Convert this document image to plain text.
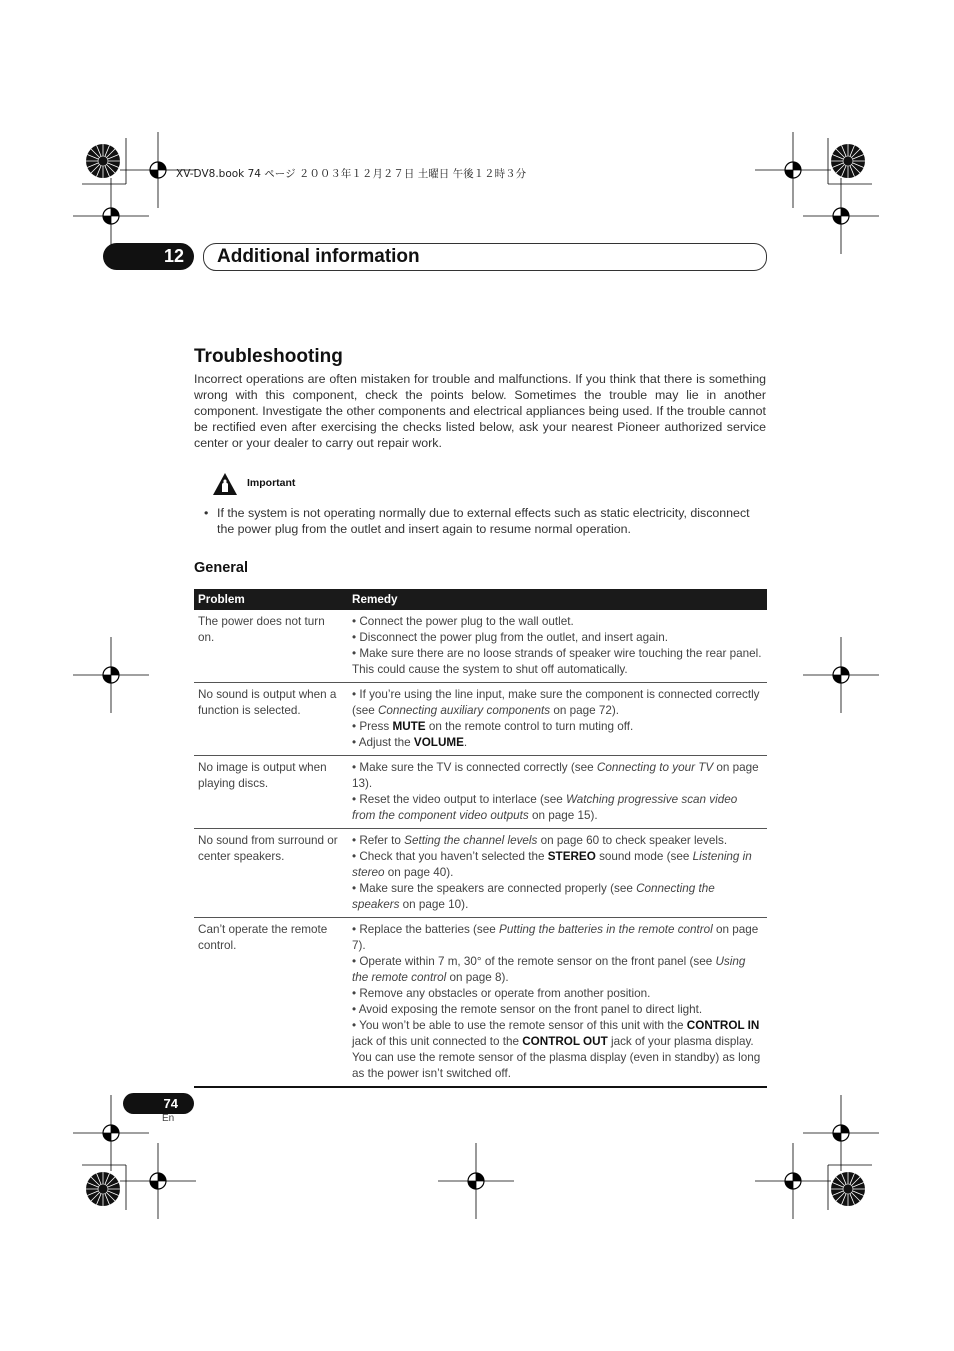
XV-DV8.book 74 ページ ２００３年１２月２７日 土曜日 午後１２時３分
12	Additional information
Troubleshooting
Incorrect operations are often mistaken for trouble and malfunctions. If you think that there is something wrong with this component, check the points below. Sometimes the trouble may lie in another component. Investigate the other components and electrical appliances being used. If the trouble cannot be rectified even after exercising the checks listed below, ask your nearest Pioneer authorized service center or your dealer to carry out repair work.
Important
• If the system is not operating normally due to external effects such as static electricity, disconnect the power plug from the outlet and insert again to resume normal operation.
General
Problem	Remedy
The power does not turn on.	• Connect the power plug to the wall outlet.
• Disconnect the power plug from the outlet, and insert again.
• Make sure there are no loose strands of speaker wire touching the rear panel. This could cause the system to shut off automatically.

No sound is output when a function is selected.	• If you’re using the line input, make sure the component is connected correctly (see Connecting auxiliary components on page 72).
• Press MUTE on the remote control to turn muting off.
• Adjust the VOLUME.

No image is output when playing discs.	• Make sure the TV is connected correctly (see Connecting to your TV on page 13).
• Reset the video output to interlace (see Watching progressive scan video from the component video outputs on page 15).

No sound from surround or center speakers.	• Refer to Setting the channel levels on page 60 to check speaker levels.
• Check that you haven’t selected the STEREO sound mode (see Listening in stereo on page 40).
• Make sure the speakers are connected properly (see Connecting the speakers on page 10).

Can’t operate the remote control.	• Replace the batteries (see Putting the batteries in the remote control on page 7).
• Operate within 7 m, 30° of the remote sensor on the front panel (see Using the remote control on page 8).
• Remove any obstacles or operate from another position.
• Avoid exposing the remote sensor on the front panel to direct light.
• You won’t be able to use the remote sensor of this unit with the CONTROL IN jack of this unit connected to the CONTROL OUT jack of your plasma display. You can use the remote sensor of the plasma display (even in standby) as long as the power isn’t switched off.
74
En
